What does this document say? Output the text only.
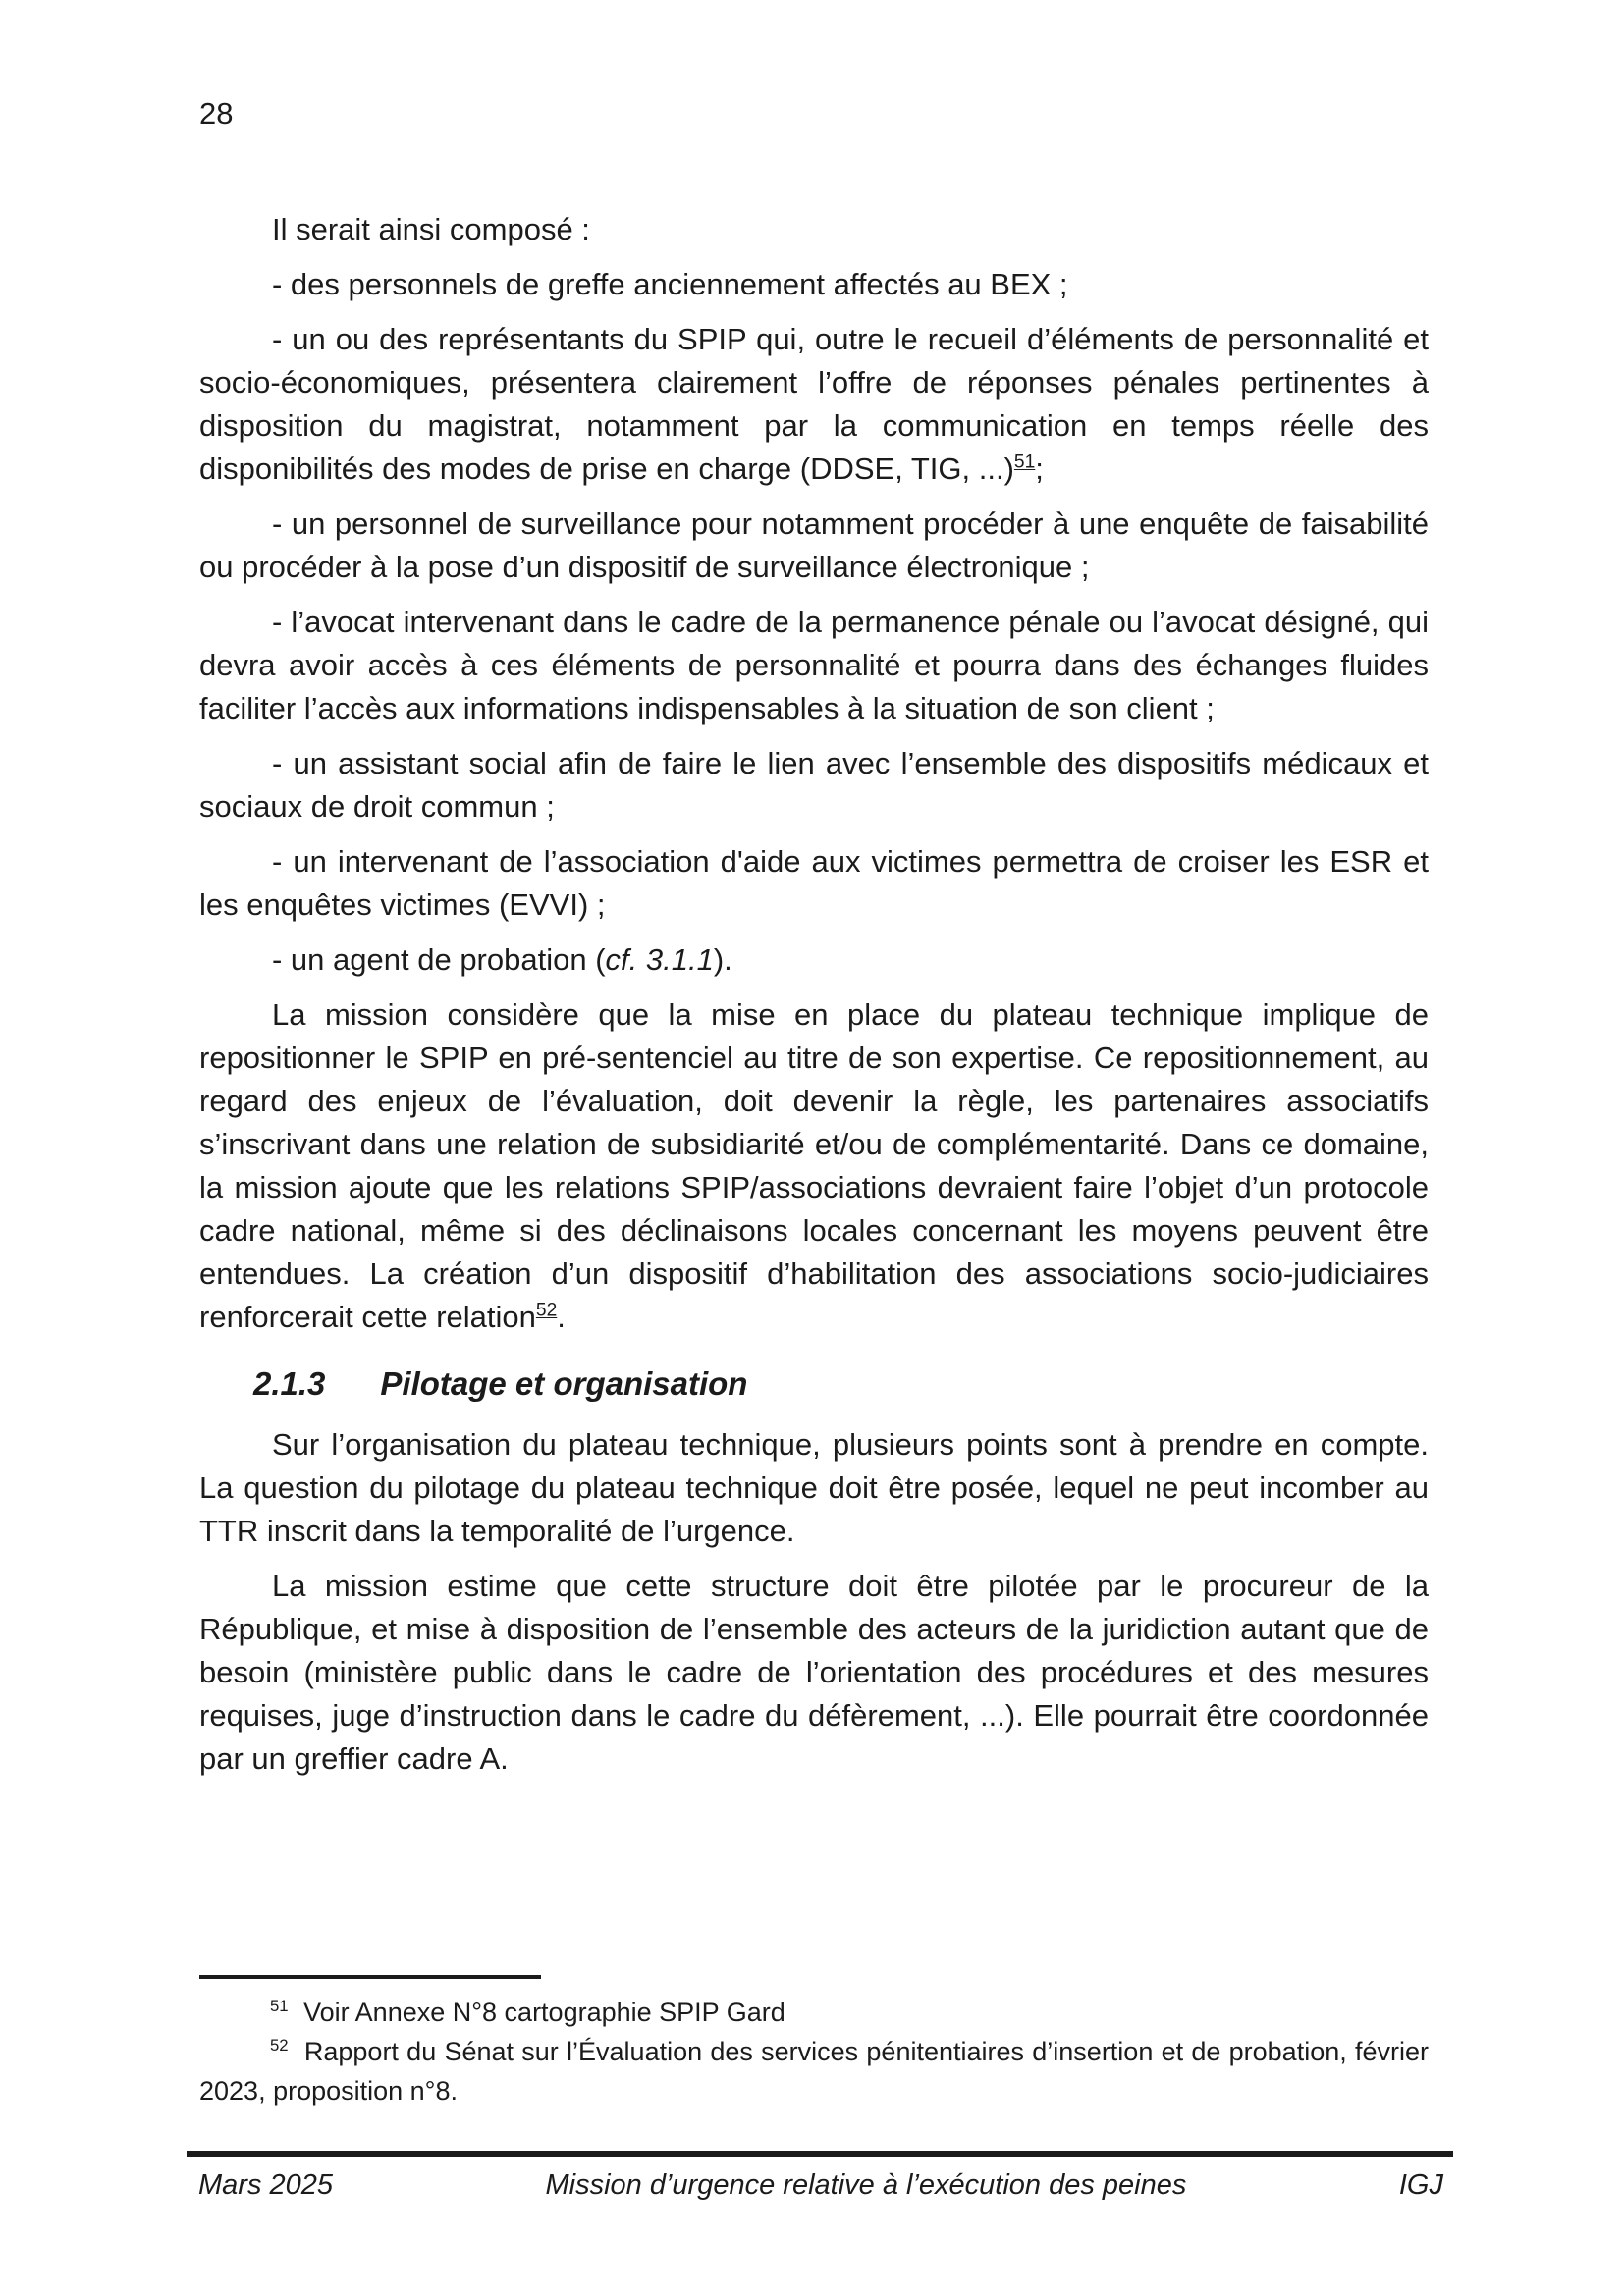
28

Il serait ainsi composé :

- des personnels de greffe anciennement affectés au BEX ;

- un ou des représentants du SPIP qui, outre le recueil d’éléments de personnalité et socio-économiques, présentera clairement l’offre de réponses pénales pertinentes à disposition du magistrat, notamment par la communication en temps réelle des disponibilités des modes de prise en charge (DDSE, TIG, ...)$^{51}$;

- un personnel de surveillance pour notamment procéder à une enquête de faisabilité ou procéder à la pose d’un dispositif de surveillance électronique ;

- l’avocat intervenant dans le cadre de la permanence pénale ou l’avocat désigné, qui devra avoir accès à ces éléments de personnalité et pourra dans des échanges fluides faciliter l’accès aux informations indispensables à la situation de son client ;

- un assistant social afin de faire le lien avec l’ensemble des dispositifs médicaux et sociaux de droit commun ;

- un intervenant de l’association d'aide aux victimes permettra de croiser les ESR et les enquêtes victimes (EVVI) ;

- un agent de probation (cf. 3.1.1).

La mission considère que la mise en place du plateau technique implique de repositionner le SPIP en pré-sentenciel au titre de son expertise. Ce repositionnement, au regard des enjeux de l’évaluation, doit devenir la règle, les partenaires associatifs s’inscrivant dans une relation de subsidiarité et/ou de complémentarité. Dans ce domaine, la mission ajoute que les relations SPIP/associations devraient faire l’objet d’un protocole cadre national, même si des déclinaisons locales concernant les moyens peuvent être entendues. La création d’un dispositif d’habilitation des associations socio-judiciaires renforcerait cette relation$^{52}$.

2.1.3 Pilotage et organisation

Sur l’organisation du plateau technique, plusieurs points sont à prendre en compte. La question du pilotage du plateau technique doit être posée, lequel ne peut incomber au TTR inscrit dans la temporalité de l’urgence.

La mission estime que cette structure doit être pilotée par le procureur de la République, et mise à disposition de l’ensemble des acteurs de la juridiction autant que de besoin (ministère public dans le cadre de l’orientation des procédures et des mesures requises, juge d’instruction dans le cadre du défèrement, ...). Elle pourrait être coordonnée par un greffier cadre A.

$^{51}$ Voir Annexe N°8 cartographie SPIP Gard

$^{52}$ Rapport du Sénat sur l’Évaluation des services pénitentiaires d’insertion et de probation, février 2023, proposition n°8.

Mars 2025	Mission d’urgence relative à l’exécution des peines	IGJ
